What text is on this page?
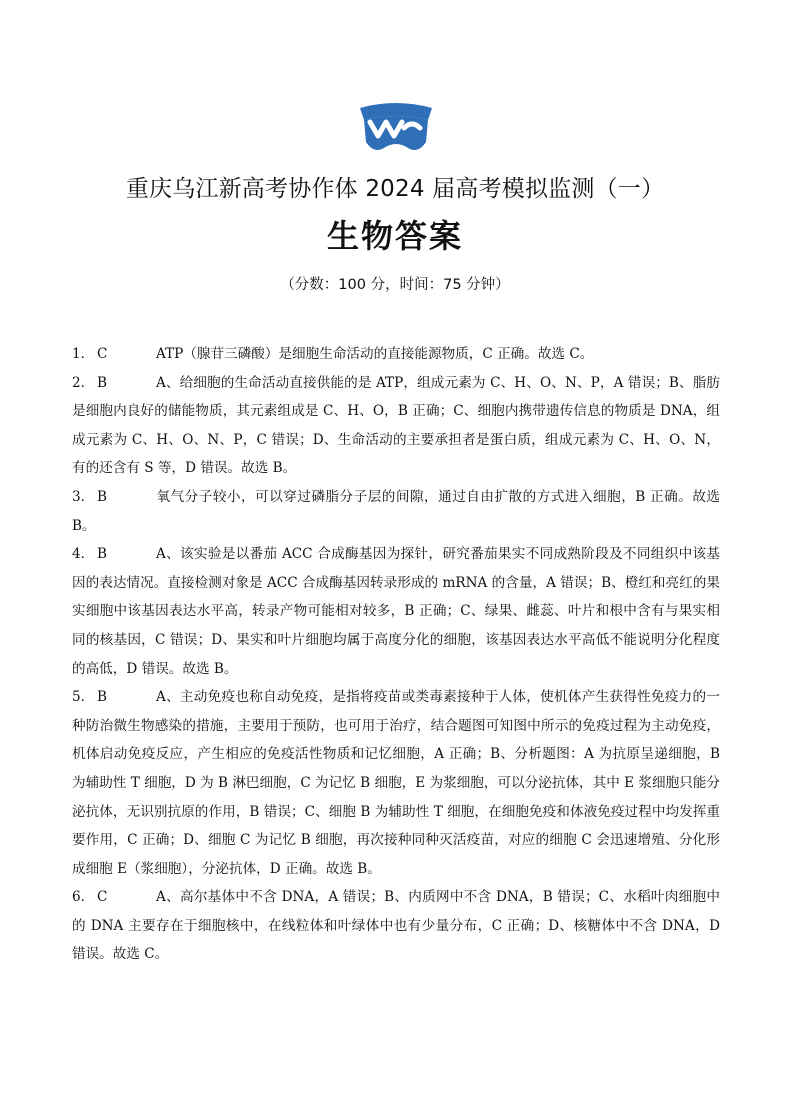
重庆乌江新高考协作体 2024 届高考模拟监测（一）
生物答案
（分数：100 分，时间：75 分钟）
1． C	ATP（腺苷三磷酸）是细胞生命活动的直接能源物质，C 正确。故选 C。
2． B	A、给细胞的生命活动直接供能的是 ATP，组成元素为 C、H、O、N、P，A 错误；B、脂肪是细胞内良好的储能物质，其元素组成是 C、H、O，B 正确；C、细胞内携带遗传信息的物质是 DNA，组成元素为 C、H、O、N、P，C 错误；D、生命活动的主要承担者是蛋白质，组成元素为 C、H、O、N，有的还含有 S 等，D 错误。故选 B。
3． B	氧气分子较小，可以穿过磷脂分子层的间隙，通过自由扩散的方式进入细胞，B 正确。故选 B。
4． B	A、该实验是以番茄 ACC 合成酶基因为探针，研究番茄果实不同成熟阶段及不同组织中该基因的表达情况。直接检测对象是 ACC 合成酶基因转录形成的 mRNA 的含量，A 错误；B、橙红和亮红的果实细胞中该基因表达水平高，转录产物可能相对较多，B 正确；C、绿果、雌蕊、叶片和根中含有与果实相同的核基因，C 错误；D、果实和叶片细胞均属于高度分化的细胞，该基因表达水平高低不能说明分化程度的高低，D 错误。故选 B。
5． B	A、主动免疫也称自动免疫，是指将疫苗或类毒素接种于人体，使机体产生获得性免疫力的一种防治微生物感染的措施，主要用于预防，也可用于治疗，结合题图可知图中所示的免疫过程为主动免疫，机体启动免疫反应，产生相应的免疫活性物质和记忆细胞，A 正确；B、分析题图：A 为抗原呈递细胞，B 为辅助性 T 细胞，D 为 B 淋巴细胞，C 为记忆 B 细胞，E 为浆细胞，可以分泌抗体，其中 E 浆细胞只能分泌抗体，无识别抗原的作用，B 错误；C、细胞 B 为辅助性 T 细胞，在细胞免疫和体液免疫过程中均发挥重要作用，C 正确；D、细胞 C 为记忆 B 细胞，再次接种同种灭活疫苗，对应的细胞 C 会迅速增殖、分化形成细胞 E（浆细胞），分泌抗体，D 正确。故选 B。
6． C	A、高尔基体中不含 DNA，A 错误；B、内质网中不含 DNA，B 错误；C、水稻叶肉细胞中的 DNA 主要存在于细胞核中，在线粒体和叶绿体中也有少量分布，C 正确；D、核糖体中不含 DNA，D 错误。故选 C。
